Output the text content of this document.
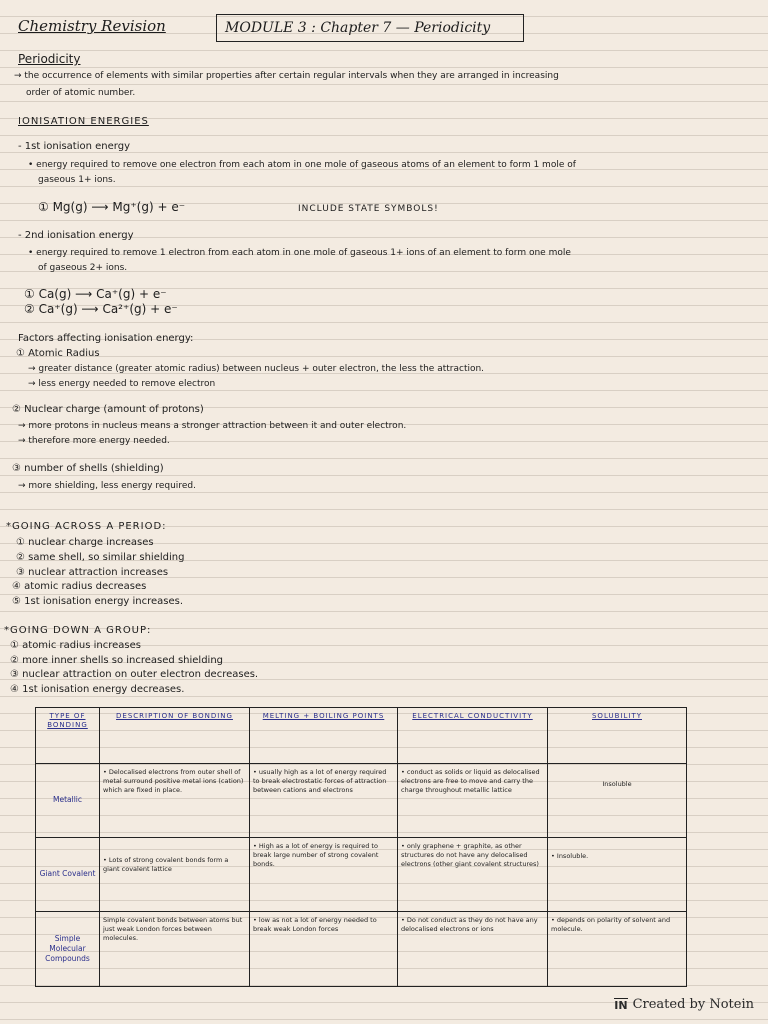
Chemistry Revision	MODULE 3 : Chapter 7 — Periodicity
Periodicity
→ the occurrence of elements with similar properties after certain regular intervals when they are arranged in increasing
order of atomic number.
IONISATION ENERGIES
- 1st ionisation energy
• energy required to remove one electron from each atom in one mole of gaseous atoms of an element to form 1 mole of
gaseous 1+ ions.
① Mg(g) ⟶ Mg⁺(g) + e⁻	INCLUDE STATE SYMBOLS!
- 2nd ionisation energy
• energy required to remove 1 electron from each atom in one mole of gaseous 1+ ions of an element to form one mole
of gaseous 2+ ions.
① Ca(g) ⟶ Ca⁺(g) + e⁻
② Ca⁺(g) ⟶ Ca²⁺(g) + e⁻
Factors affecting ionisation energy:
① Atomic Radius
→ greater distance (greater atomic radius) between nucleus + outer electron, the less the attraction.
→ less energy needed to remove electron
② Nuclear charge (amount of protons)
→ more protons in nucleus means a stronger attraction between it and outer electron.
→ therefore more energy needed.
③ number of shells (shielding)
→ more shielding, less energy required.
*GOING ACROSS A PERIOD:
① nuclear charge increases
② same shell, so similar shielding
③ nuclear attraction increases
④ atomic radius decreases
⑤ 1st ionisation energy increases.
*GOING DOWN A GROUP:
① atomic radius increases
② more inner shells so increased shielding
③ nuclear attraction on outer electron decreases.
④ 1st ionisation energy decreases.
TYPE OF BONDING	DESCRIPTION OF BONDING	MELTING + BOILING POINTS	ELECTRICAL CONDUCTIVITY	SOLUBILITY
Metallic	• Delocalised electrons from outer shell of metal surround positive metal ions (cation) which are fixed in place.	• usually high as a lot of energy required to break electrostatic forces of attraction between cations and electrons	• conduct as solids or liquid as delocalised electrons are free to move and carry the charge throughout metallic lattice	Insoluble
Giant Covalent	• Lots of strong covalent bonds form a giant covalent lattice	• High as a lot of energy is required to break large number of strong covalent bonds.	• only graphene + graphite, as other structures do not have any delocalised electrons (other giant covalent structures)	• Insoluble.
Simple Molecular Compounds	Simple covalent bonds between atoms but just weak London forces between molecules.	• low as not a lot of energy needed to break weak London forces	• Do not conduct as they do not have any delocalised electrons or ions	• depends on polarity of solvent and molecule.
IN Created by Notein
